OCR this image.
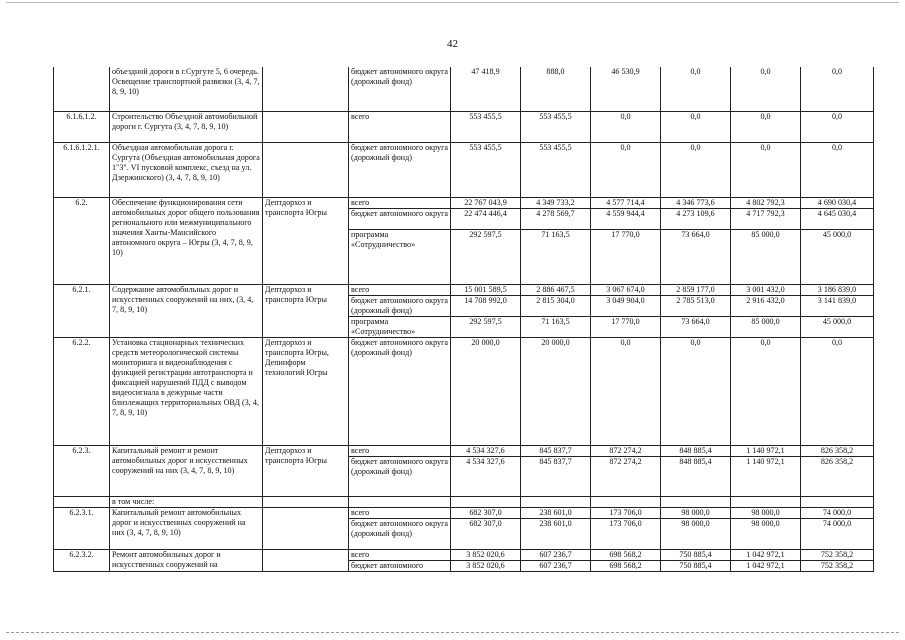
42
	объездной дороги в г.Сургуте 5, 6 очередь. Освещение транспортной развязки (3, 4, 7, 8, 9, 10)		бюджет автономного округа (дорожный фонд)	47 418,9	888,0	46 530,9	0,0	0,0	0,0
6.1.6.1.2.	Строительство Объездной автомобильной дороги г. Сургута (3, 4, 7, 8, 9, 10)		всего	553 455,5	553 455,5	0,0	0,0	0,0	0,0
6.1.6.1.2.1.	Объездная автомобильная дорога г. Сургута (Объездная автомобильная дорога 1"З". VI пусковой комплекс, съезд на ул. Дзержинского) (3, 4, 7, 8, 9, 10)		бюджет автономного округа (дорожный фонд)	553 455,5	553 455,5	0,0	0,0	0,0	0,0
6.2.	Обеспечение функционирования сети автомобильных дорог общего пользования регионального или межмуниципального значения Ханты-Мансийского автономного округа – Югры (3, 4, 7, 8, 9, 10)	Дептдорхоз и транспорта Югры	всего	22 767 043,9	4 349 733,2	4 577 714,4	4 346 773,6	4 802 792,3	4 690 030,4
			бюджет автономного округа	22 474 446,4	4 278 569,7	4 559 944,4	4 273 109,6	4 717 792,3	4 645 030,4
			программа «Сотрудничество»	292 597,5	71 163,5	17 770,0	73 664,0	85 000,0	45 000,0
6.2.1.	Содержание автомобильных дорог и искусственных сооружений на них, (3, 4, 7, 8, 9, 10)	Дептдорхоз и транспорта Югры	всего	15 001 589,5	2 886 467,5	3 067 674,0	2 859 177,0	3 001 432,0	3 186 839,0
			бюджет автономного округа (дорожный фонд)	14 708 992,0	2 815 304,0	3 049 904,0	2 785 513,0	2 916 432,0	3 141 839,0
			программа «Сотрудничество»	292 597,5	71 163,5	17 770,0	73 664,0	85 000,0	45 000,0
6.2.2.	Установка стационарных технических средств метеорологической системы мониторинга и видеонаблюдения с функцией регистрации автотранспорта и фиксацией нарушений ПДД с выводом видеосигнала в дежурные части близлежащих территориальных ОВД (3, 4, 7, 8, 9, 10)	Дептдорхоз и транспорта Югры, Депинформ технологий Югры	бюджет автономного округа (дорожный фонд)	20 000,0	20 000,0	0,0	0,0	0,0	0,0
6.2.3.	Капитальный ремонт и ремонт автомобильных дорог и искусственных сооружений на них (3, 4, 7, 8, 9, 10)	Дептдорхоз и транспорта Югры	всего	4 534 327,6	845 837,7	872 274,2	848 885,4	1 140 972,1	826 358,2
			бюджет автономного округа (дорожный фонд)	4 534 327,6	845 837,7	872 274,2	848 885,4	1 140 972,1	826 358,2
	в том числе:								
6.2.3.1.	Капитальный ремонт автомобильных дорог и искусственных сооружений на них (3, 4, 7, 8, 9, 10)		всего	682 307,0	238 601,0	173 706,0	98 000,0	98 000,0	74 000,0
			бюджет автономного округа (дорожный фонд)	682 307,0	238 601,0	173 706,0	98 000,0	98 000,0	74 000,0
6.2.3.2.	Ремонт автомобильных дорог и искусственных сооружений на		всего	3 852 020,6	607 236,7	698 568,2	750 885,4	1 042 972,1	752 358,2
			бюджет автономного	3 852 020,6	607 236,7	698 568,2	750 885,4	1 042 972,1	752 358,2
